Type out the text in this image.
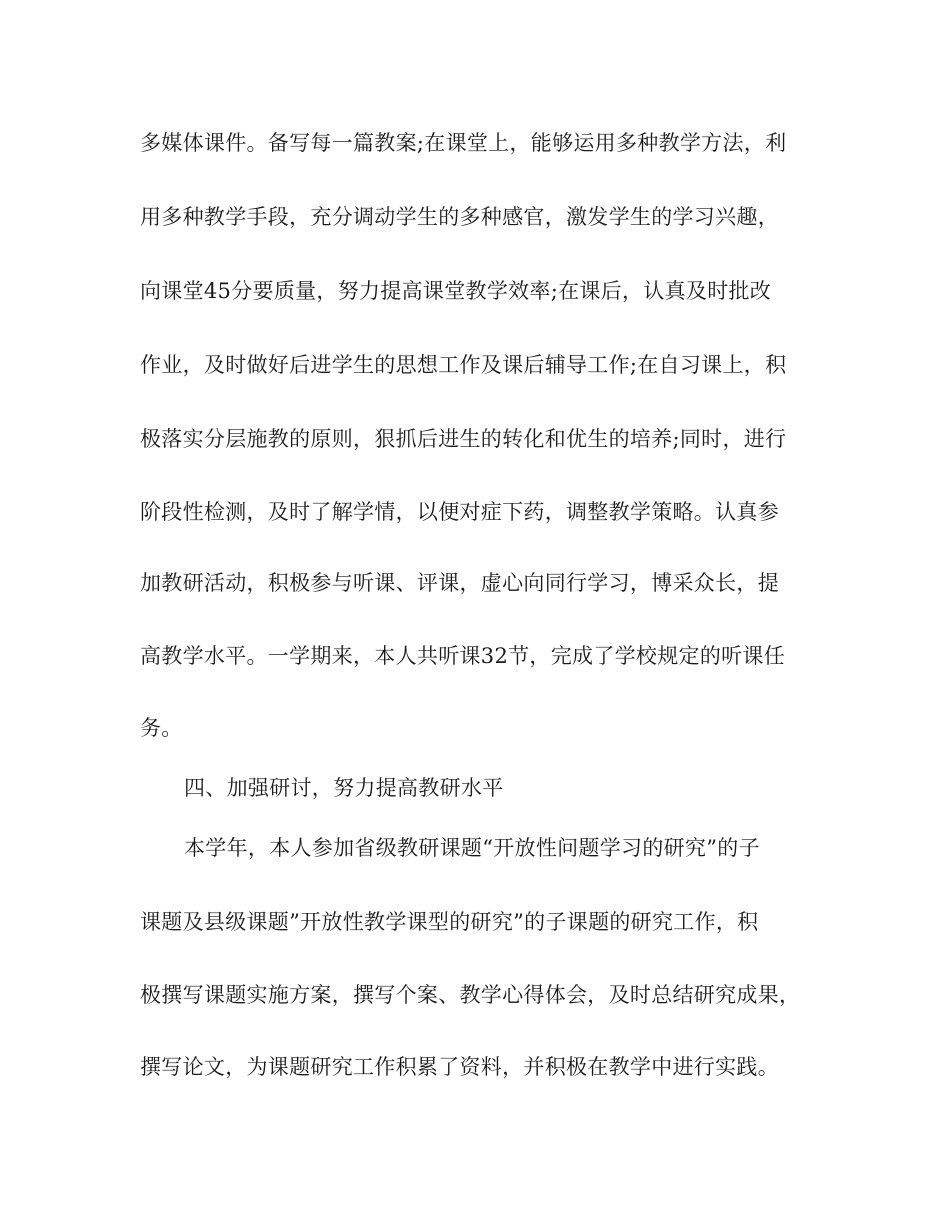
多媒体课件。备写每一篇教案;在课堂上，能够运用多种教学方法，利
用多种教学手段，充分调动学生的多种感官，激发学生的学习兴趣，
向课堂45分要质量，努力提高课堂教学效率;在课后，认真及时批改
作业，及时做好后进学生的思想工作及课后辅导工作;在自习课上，积
极落实分层施教的原则，狠抓后进生的转化和优生的培养;同时，进行
阶段性检测，及时了解学情，以便对症下药，调整教学策略。认真参
加教研活动，积极参与听课、评课，虚心向同行学习，博采众长，提
高教学水平。一学期来，本人共听课32节，完成了学校规定的听课任
务。
四、加强研讨，努力提高教研水平
本学年，本人参加省级教研课题“开放性问题学习的研究”的子
课题及县级课题”开放性教学课型的研究”的子课题的研究工作，积
极撰写课题实施方案，撰写个案、教学心得体会，及时总结研究成果，
撰写论文，为课题研究工作积累了资料，并积极在教学中进行实践。
